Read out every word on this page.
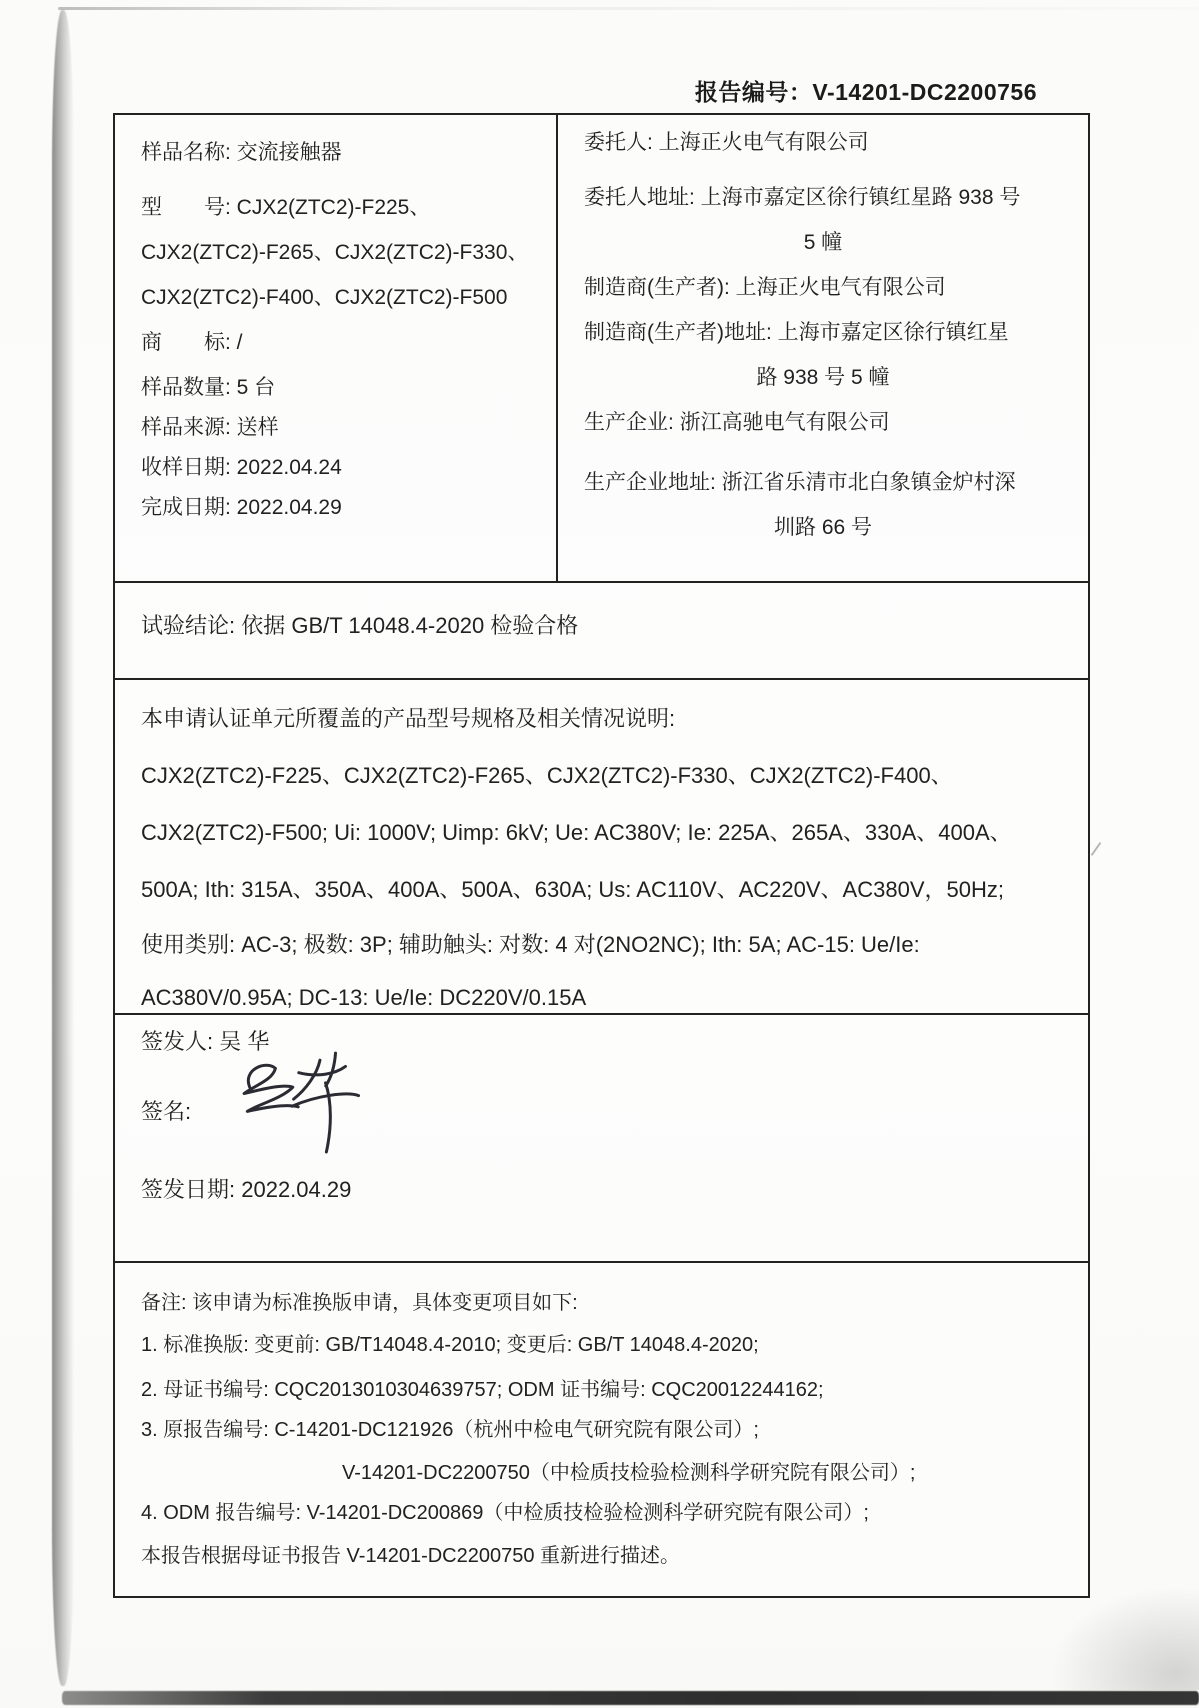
报告编号：V-14201-DC2200756
样品名称: 交流接触器
型　　号: CJX2(ZTC2)-F225、
CJX2(ZTC2)-F265、CJX2(ZTC2)-F330、
CJX2(ZTC2)-F400、CJX2(ZTC2)-F500
商　　标: /
样品数量: 5 台
样品来源: 送样
收样日期: 2022.04.24
完成日期: 2022.04.29
委托人: 上海正火电气有限公司
委托人地址: 上海市嘉定区徐行镇红星路 938 号
5 幢
制造商(生产者): 上海正火电气有限公司
制造商(生产者)地址: 上海市嘉定区徐行镇红星
路 938 号 5 幢
生产企业: 浙江高驰电气有限公司
生产企业地址: 浙江省乐清市北白象镇金炉村深
圳路 66 号
试验结论: 依据 GB/T 14048.4-2020 检验合格
本申请认证单元所覆盖的产品型号规格及相关情况说明:
CJX2(ZTC2)-F225、CJX2(ZTC2)-F265、CJX2(ZTC2)-F330、CJX2(ZTC2)-F400、
CJX2(ZTC2)-F500; Ui: 1000V; Uimp: 6kV; Ue: AC380V; Ie: 225A、265A、330A、400A、
500A; Ith: 315A、350A、400A、500A、630A; Us: AC110V、AC220V、AC380V，50Hz;
使用类别: AC-3; 极数: 3P; 辅助触头: 对数: 4 对(2NO2NC); Ith: 5A; AC-15: Ue/Ie:
AC380V/0.95A; DC-13: Ue/Ie: DC220V/0.15A
签发人: 吴 华
签名:
签发日期: 2022.04.29
备注: 该申请为标准换版申请，具体变更项目如下:
1. 标准换版: 变更前: GB/T14048.4-2010; 变更后: GB/T 14048.4-2020;
2. 母证书编号: CQC2013010304639757; ODM 证书编号: CQC20012244162;
3. 原报告编号: C-14201-DC121926（杭州中检电气研究院有限公司）;
V-14201-DC2200750（中检质技检验检测科学研究院有限公司）;
4. ODM 报告编号: V-14201-DC200869（中检质技检验检测科学研究院有限公司）;
本报告根据母证书报告 V-14201-DC2200750 重新进行描述。
